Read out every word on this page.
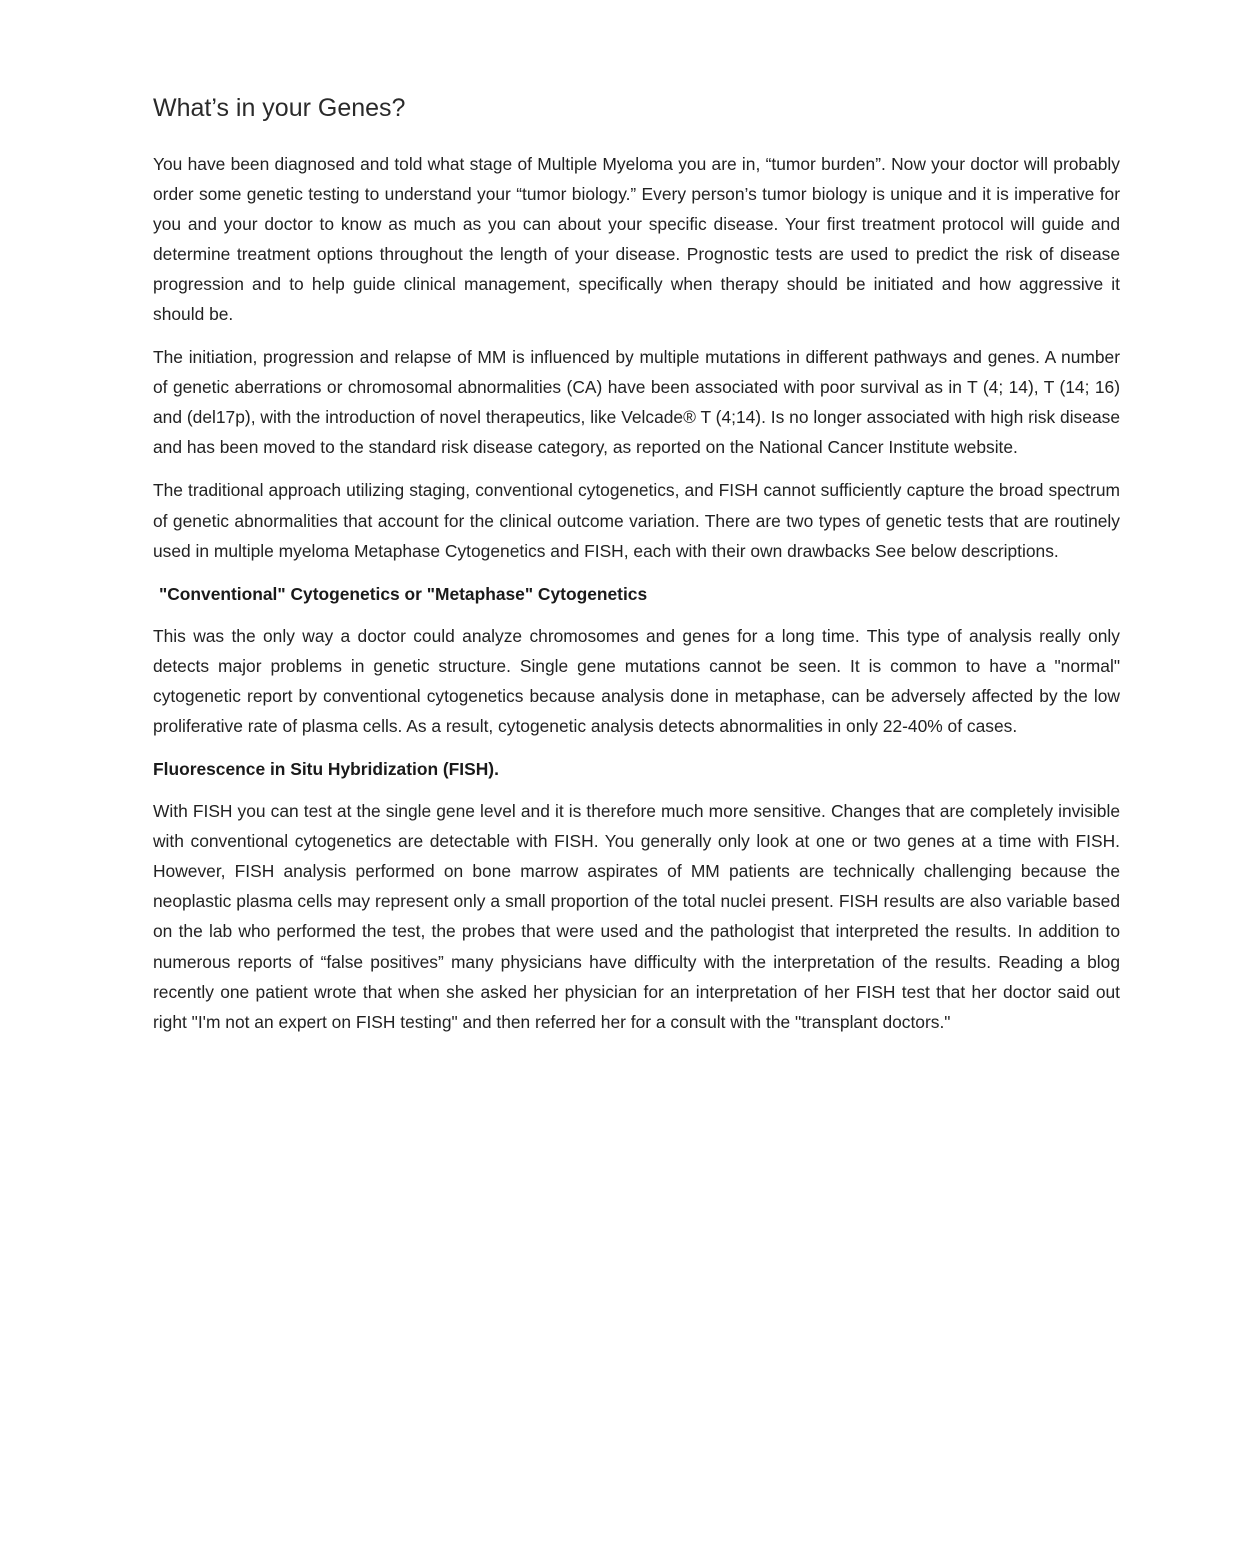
What’s in your Genes?

You have been diagnosed and told what stage of Multiple Myeloma you are in, “tumor burden”. Now your doctor will probably order some genetic testing to understand your “tumor biology.” Every person’s tumor biology is unique and it is imperative for you and your doctor to know as much as you can about your specific disease. Your first treatment protocol will guide and determine treatment options throughout the length of your disease. Prognostic tests are used to predict the risk of disease progression and to help guide clinical management, specifically when therapy should be initiated and how aggressive it should be.

The initiation, progression and relapse of MM is influenced by multiple mutations in different pathways and genes. A number of genetic aberrations or chromosomal abnormalities (CA) have been associated with poor survival as in T (4; 14), T (14; 16) and (del17p), with the introduction of novel therapeutics, like Velcade® T (4;14). Is no longer associated with high risk disease and has been moved to the standard risk disease category, as reported on the National Cancer Institute website.

The traditional approach utilizing staging, conventional cytogenetics, and FISH cannot sufficiently capture the broad spectrum of genetic abnormalities that account for the clinical outcome variation. There are two types of genetic tests that are routinely used in multiple myeloma Metaphase Cytogenetics and FISH, each with their own drawbacks See below descriptions.

"Conventional" Cytogenetics or "Metaphase" Cytogenetics

This was the only way a doctor could analyze chromosomes and genes for a long time. This type of analysis really only detects major problems in genetic structure. Single gene mutations cannot be seen. It is common to have a "normal" cytogenetic report by conventional cytogenetics because analysis done in metaphase, can be adversely affected by the low proliferative rate of plasma cells. As a result, cytogenetic analysis detects abnormalities in only 22-40% of cases.

Fluorescence in Situ Hybridization (FISH).

With FISH you can test at the single gene level and it is therefore much more sensitive. Changes that are completely invisible with conventional cytogenetics are detectable with FISH. You generally only look at one or two genes at a time with FISH. However, FISH analysis performed on bone marrow aspirates of MM patients are technically challenging because the neoplastic plasma cells may represent only a small proportion of the total nuclei present. FISH results are also variable based on the lab who performed the test, the probes that were used and the pathologist that interpreted the results. In addition to numerous reports of “false positives” many physicians have difficulty with the interpretation of the results. Reading a blog recently one patient wrote that when she asked her physician for an interpretation of her FISH test that her doctor said out right "I'm not an expert on FISH testing" and then referred her for a consult with the "transplant doctors."
